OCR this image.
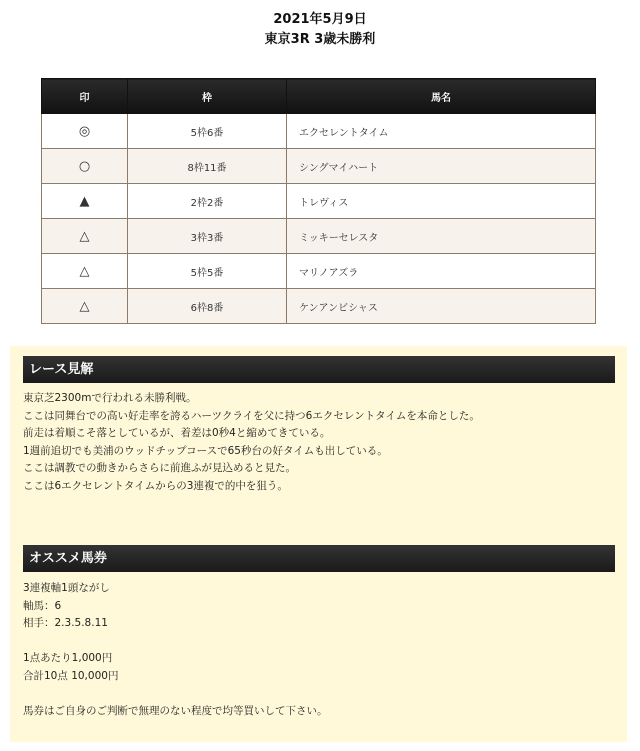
2021年5月9日
東京3R 3歳未勝利
印	枠	馬名
◎	5枠6番	エクセレントタイム
○	8枠11番	シングマイハート
▲	2枠2番	トレヴィス
△	3枠3番	ミッキーセレスタ
△	5枠5番	マリノアズラ
△	6枠8番	ケンアンビシャス
レース見解
東京芝2300mで行われる未勝利戦。
ここは同舞台での高い好走率を誇るハーツクライを父に持つ6エクセレントタイムを本命とした。
前走は着順こそ落としているが、着差は0秒4と縮めてきている。
1週前追切でも美浦のウッドチップコースで65秒台の好タイムも出している。
ここは調教での動きからさらに前進ふが見込めると見た。
ここは6エクセレントタイムからの3連複で的中を狙う。
オススメ馬券
3連複軸1頭ながし
軸馬：6
相手：2.3.5.8.11
1点あたり1,000円
合計10点 10,000円
馬券はご自身のご判断で無理のない程度で均等買いして下さい。
